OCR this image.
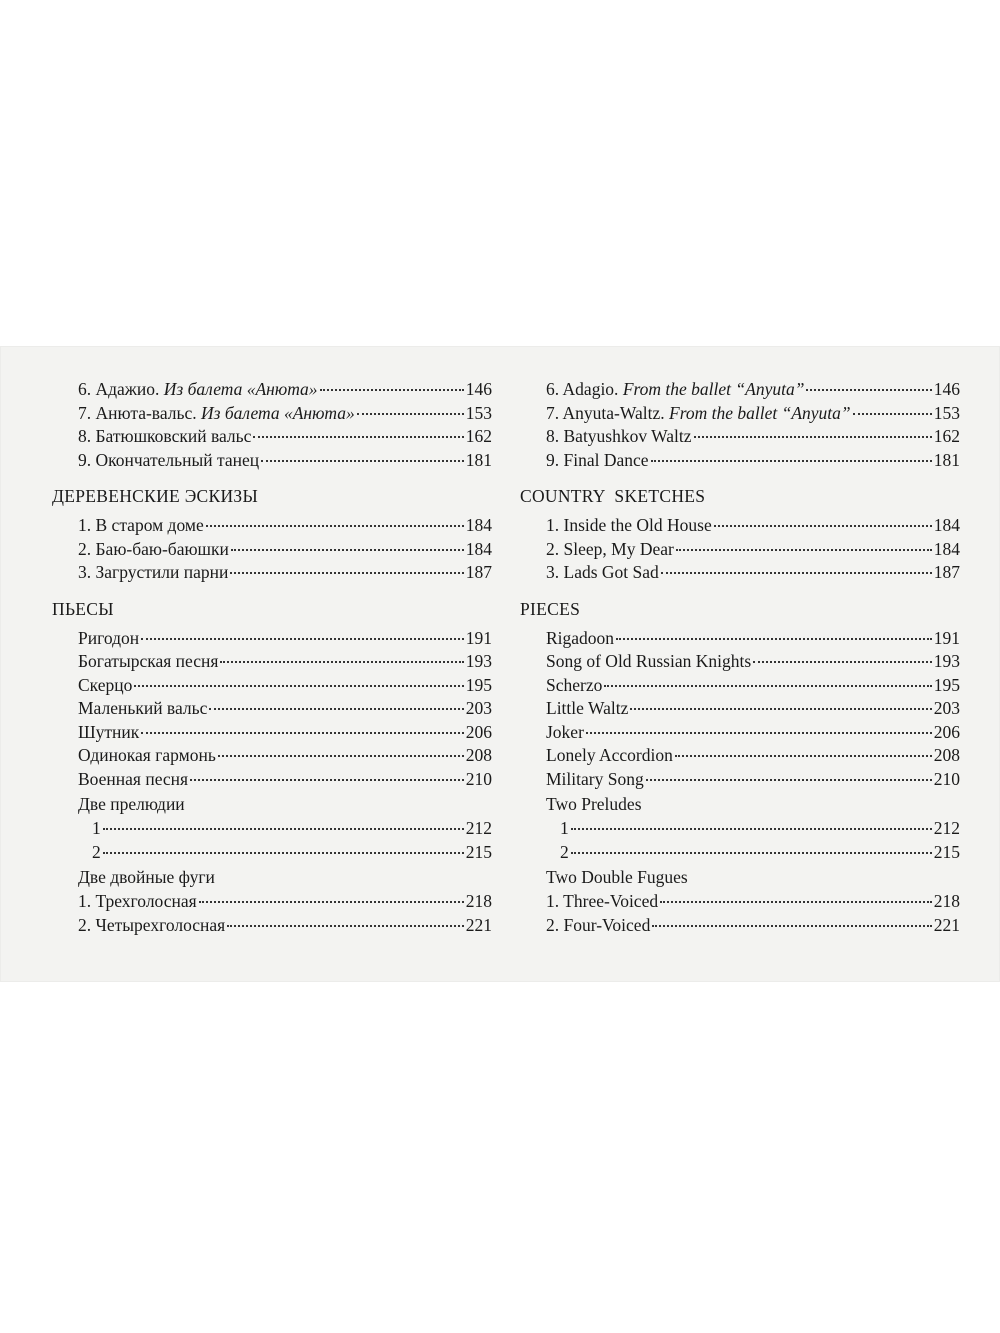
6. Адажио. Из балета «Анюта»	146
7. Анюта-вальс. Из балета «Анюта»	153
8. Батюшковский вальс	162
9. Окончательный танец	181
ДЕРЕВЕНСКИЕ ЭСКИЗЫ
1. В старом доме	184
2. Баю-баю-баюшки	184
3. Загрустили парни	187
ПЬЕСЫ
Ригодон	191
Богатырская песня	193
Скерцо	195
Маленький вальс	203
Шутник	206
Одинокая гармонь	208
Военная песня	210
Две прелюдии
1	212
2	215
Две двойные фуги
1. Трехголосная	218
2. Четырехголосная	221
6. Adagio. From the ballet “Anyuta”	146
7. Anyuta-Waltz. From the ballet “Anyuta”	153
8. Batyushkov Waltz	162
9. Final Dance	181
COUNTRY  SKETCHES
1. Inside the Old House	184
2. Sleep, My Dear	184
3. Lads Got Sad	187
PIECES
Rigadoon	191
Song of Old Russian Knights	193
Scherzo	195
Little Waltz	203
Joker	206
Lonely Accordion	208
Military Song	210
Two Preludes
1	212
2	215
Two Double Fugues
1. Three-Voiced	218
2. Four-Voiced	221
